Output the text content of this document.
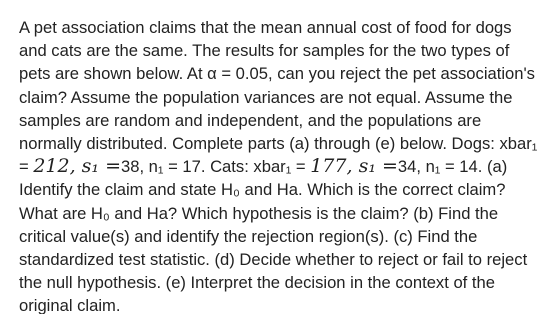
A pet association claims that the mean annual cost of food for dogs and cats are the same. The results for samples for the two types of pets are shown below. At α = 0.05, can you reject the pet association's claim? Assume the population variances are not equal. Assume the samples are random and independent, and the populations are normally distributed. Complete parts (a) through (e) below. Dogs: xbar₁ = 212, s₁ =38, n₁ = 17. Cats: xbar₁ = 177, s₁ =34, n₁ = 14. (a) Identify the claim and state H₀ and Ha. Which is the correct claim? What are H₀ and Ha? Which hypothesis is the claim? (b) Find the critical value(s) and identify the rejection region(s). (c) Find the standardized test statistic. (d) Decide whether to reject or fail to reject the null hypothesis. (e) Interpret the decision in the context of the original claim.
